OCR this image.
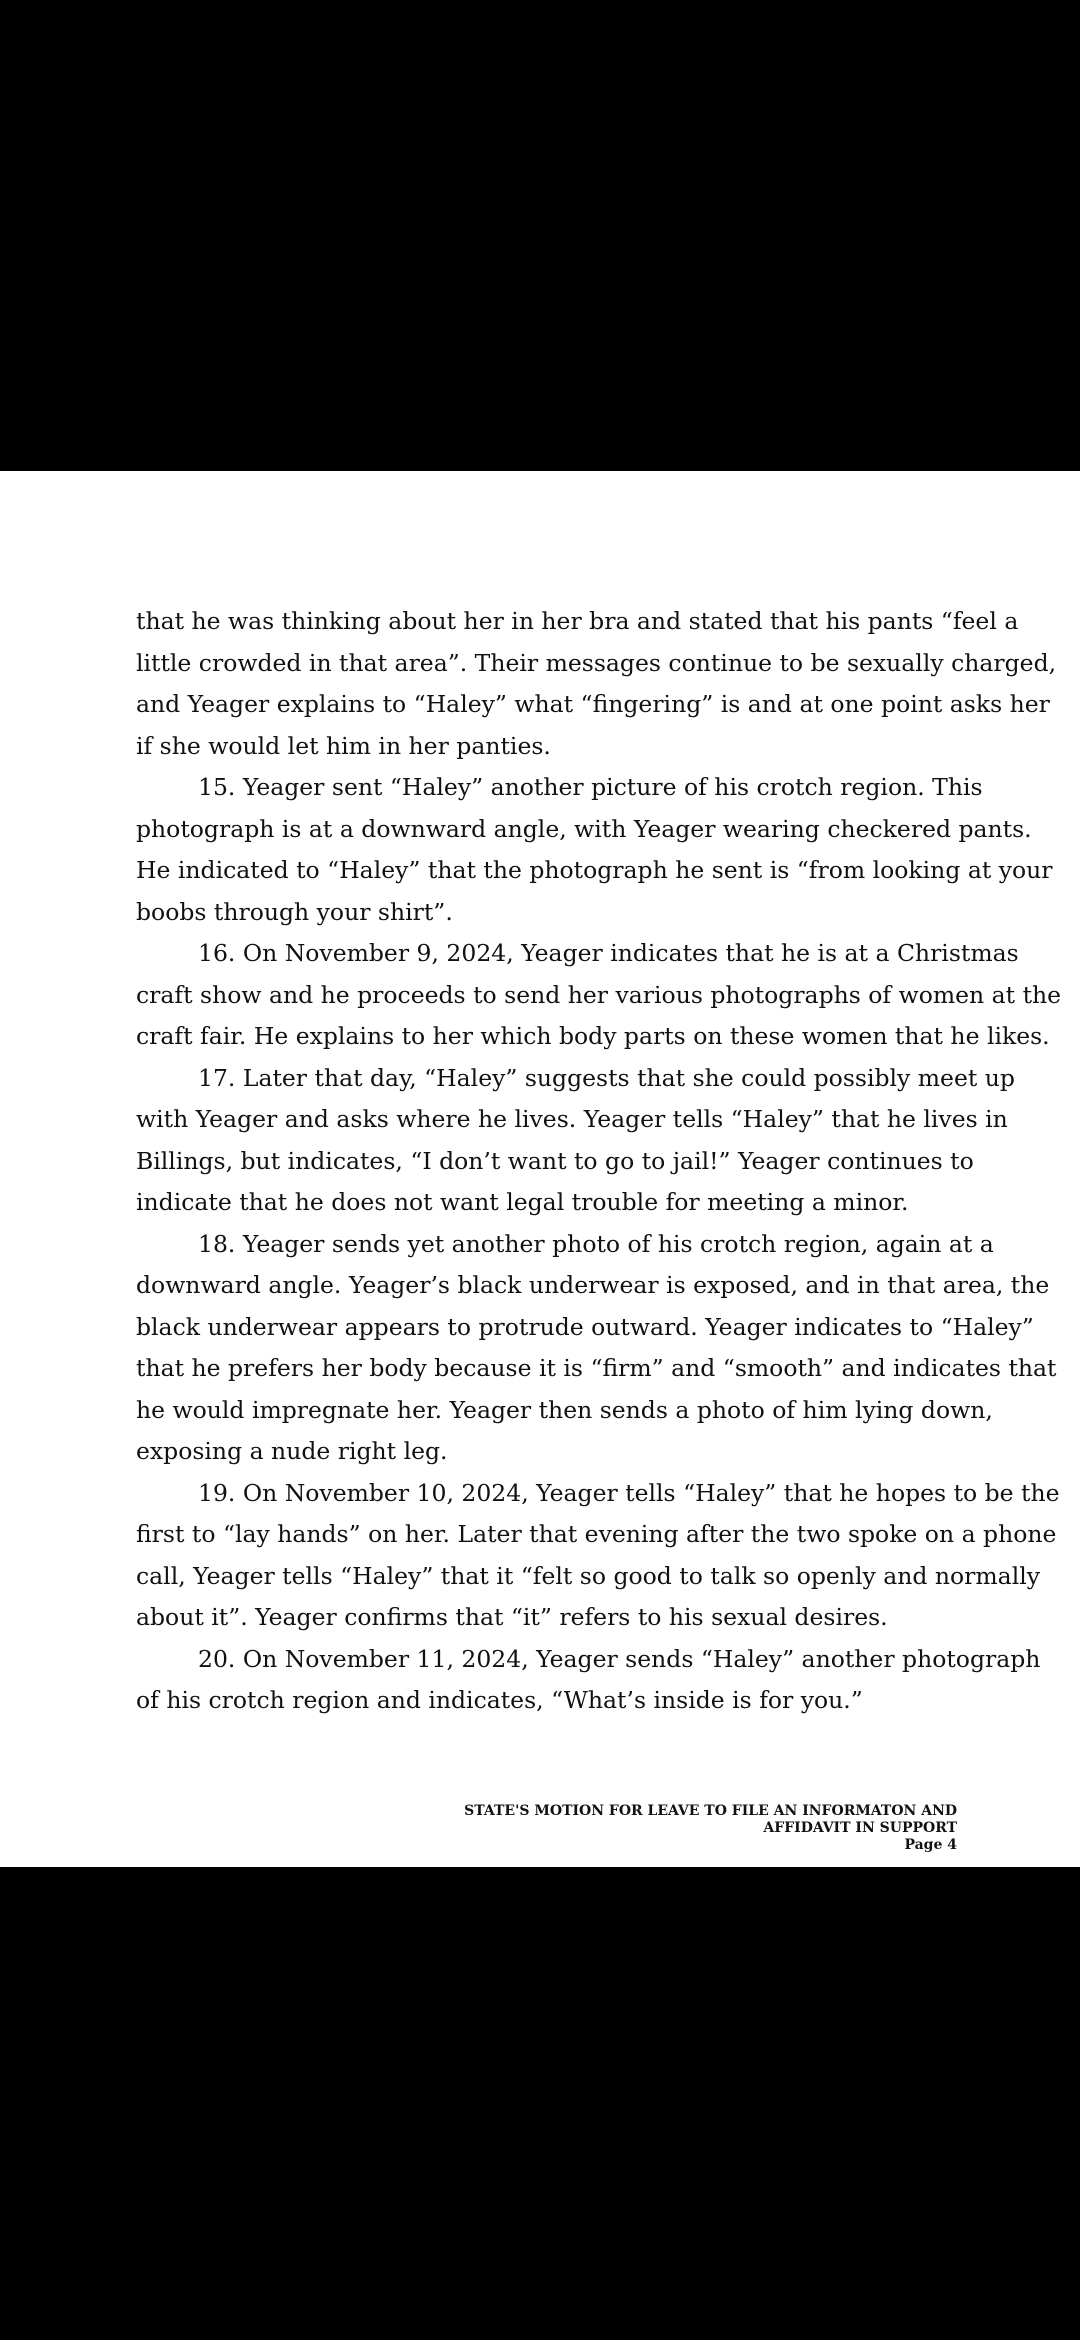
that he was thinking about her in her bra and stated that his pants “feel a

little crowded in that area”. Their messages continue to be sexually charged,

and Yeager explains to “Haley” what “fingering” is and at one point asks her

if she would let him in her panties.

15. Yeager sent “Haley” another picture of his crotch region. This

photograph is at a downward angle, with Yeager wearing checkered pants.

He indicated to “Haley” that the photograph he sent is “from looking at your

boobs through your shirt”.

16. On November 9, 2024, Yeager indicates that he is at a Christmas

craft show and he proceeds to send her various photographs of women at the

craft fair. He explains to her which body parts on these women that he likes.

17. Later that day, “Haley” suggests that she could possibly meet up

with Yeager and asks where he lives. Yeager tells “Haley” that he lives in

Billings, but indicates, “I don’t want to go to jail!” Yeager continues to

indicate that he does not want legal trouble for meeting a minor.

18. Yeager sends yet another photo of his crotch region, again at a

downward angle. Yeager’s black underwear is exposed, and in that area, the

black underwear appears to protrude outward. Yeager indicates to “Haley”

that he prefers her body because it is “firm” and “smooth” and indicates that

he would impregnate her. Yeager then sends a photo of him lying down,

exposing a nude right leg.

19. On November 10, 2024, Yeager tells “Haley” that he hopes to be the

first to “lay hands” on her. Later that evening after the two spoke on a phone

call, Yeager tells “Haley” that it “felt so good to talk so openly and normally

about it”. Yeager confirms that “it” refers to his sexual desires.

20. On November 11, 2024, Yeager sends “Haley” another photograph

of his crotch region and indicates, “What’s inside is for you.”

STATE'S MOTION FOR LEAVE TO FILE AN INFORMATON AND
AFFIDAVIT IN SUPPORT
Page 4
